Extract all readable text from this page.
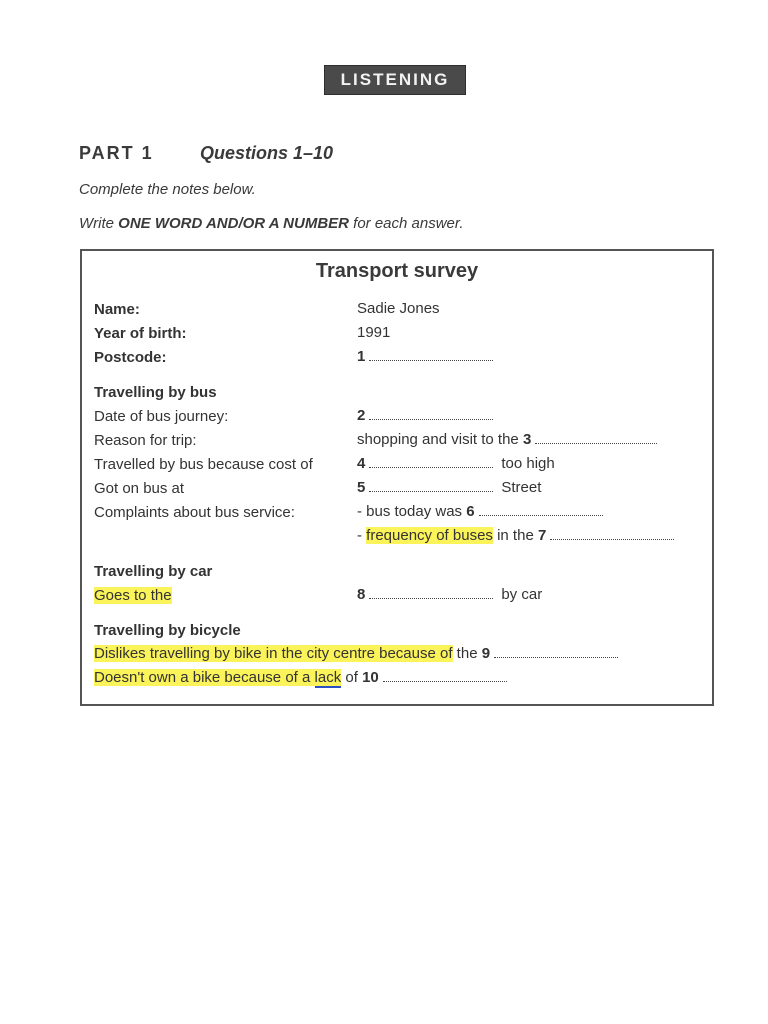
LISTENING
PART 1	Questions 1–10
Complete the notes below.
Write ONE WORD AND/OR A NUMBER for each answer.
Transport survey
Name:	Sadie Jones
Year of birth:	1991
Postcode:	1
Travelling by bus
Date of bus journey:	2
Reason for trip:	shopping and visit to the 3
Travelled by bus because cost of	4	too high
Got on bus at	5	Street
Complaints about bus service:	- bus today was 6
- frequency of buses in the 7
Travelling by car
Goes to the	8	by car
Travelling by bicycle
Dislikes travelling by bike in the city centre because of the 9
Doesn't own a bike because of a lack of 10
